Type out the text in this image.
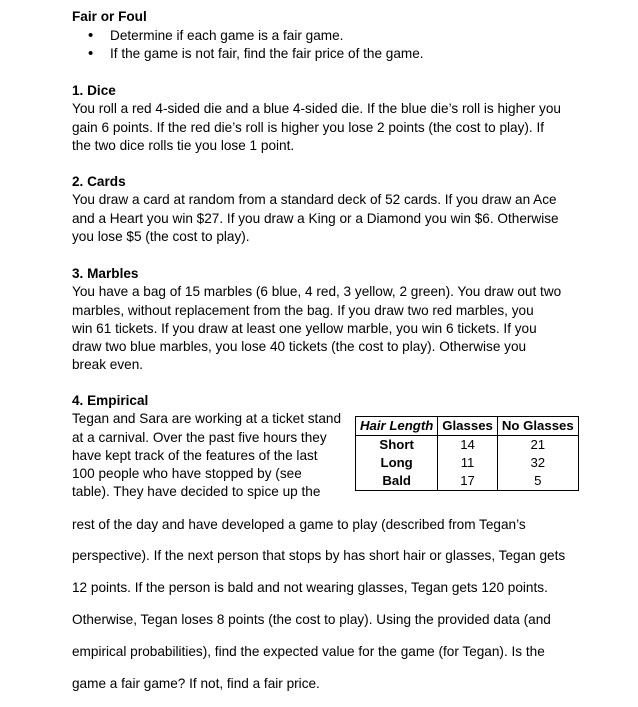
Fair or Foul
• Determine if each game is a fair game.
• If the game is not fair, find the fair price of the game.
1. Dice

You roll a red 4-sided die and a blue 4-sided die. If the blue die’s roll is higher you

gain 6 points. If the red die’s roll is higher you lose 2 points (the cost to play). If

the two dice rolls tie you lose 1 point.

2. Cards

You draw a card at random from a standard deck of 52 cards. If you draw an Ace

and a Heart you win $27. If you draw a King or a Diamond you win $6. Otherwise

you lose $5 (the cost to play).

3. Marbles

You have a bag of 15 marbles (6 blue, 4 red, 3 yellow, 2 green). You draw out two

marbles, without replacement from the bag. If you draw two red marbles, you

win 61 tickets. If you draw at least one yellow marble, you win 6 tickets. If you

draw two blue marbles, you lose 40 tickets (the cost to play). Otherwise you

break even.

4. Empirical

Tegan and Sara are working at a ticket stand

at a carnival. Over the past five hours they

have kept track of the features of the last

100 people who have stopped by (see

table). They have decided to spice up the

Hair Length	Glasses	No Glasses
Short	14	21
Long	11	32
Bald	17	5

rest of the day and have developed a game to play (described from Tegan’s

perspective). If the next person that stops by has short hair or glasses, Tegan gets

12 points. If the person is bald and not wearing glasses, Tegan gets 120 points.

Otherwise, Tegan loses 8 points (the cost to play). Using the provided data (and

empirical probabilities), find the expected value for the game (for Tegan). Is the

game a fair game? If not, find a fair price.
